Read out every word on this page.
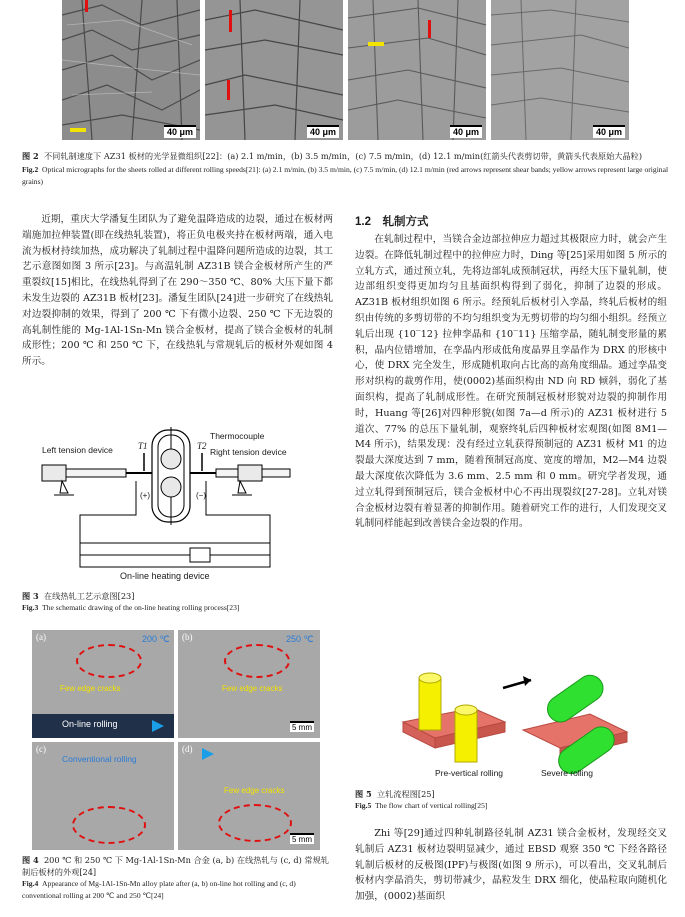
40 μm	40 μm	40 μm
40 μm
图 2 不同轧制速度下 AZ31 板材的光学显微组织[22]：(a) 2.1 m/min，(b) 3.5 m/min，(c) 7.5 m/min，(d) 12.1 m/min(红箭头代表剪切带，黄箭头代表原始大晶粒)
Fig.2 Optical micrographs for the sheets rolled at different rolling speeds[21]: (a) 2.1 m/min, (b) 3.5 m/min, (c) 7.5 m/min, (d) 12.1 m/min (red arrows represent shear bands; yellow arrows represent large original grains)

近期，重庆大学潘复生团队为了避免温降造成的边裂，通过在板材两端施加拉伸装置(即在线热轧装置)，将正负电极夹持在板材两端，通入电流为板材持续加热，成功解决了轧制过程中温降问题所造成的边裂，其工艺示意图如图 3 所示[23]。与高温轧制 AZ31B 镁合金板材所产生的严重裂纹[15]相比，在线热轧得到了在 290～350 ℃、80% 大压下量下都未发生边裂的 AZ31B 板材[23]。潘复生团队[24]进一步研究了在线热轧对边裂抑制的效果，得到了 200 ℃ 下有微小边裂、250 ℃ 下无边裂的高轧制性能的 Mg-1Al-1Sn-Mn 镁合金板材，提高了镁合金板材的轧制成形性；200 ℃ 和 250 ℃ 下，在线热轧与常规轧后的板材外观如图 4 所示。

T1	T2
Thermocouple
Left tension device	Right tension device
(+)	(−)
On-line heating device
图 3 在线热轧工艺示意图[23]
Fig.3 The schematic drawing of the on-line heating rolling process[23]
(a)	200 ℃
Few edge cracks
On-line rolling
(b)	250 ℃
Few edge cracks
5 mm
(c)
Conventional rolling
(d)
Few edge cracks
5 mm
图 4 200 ℃ 和 250 ℃ 下 Mg-1Al-1Sn-Mn 合金 (a, b) 在线热轧与 (c, d) 常规轧制后板材的外观[24]
Fig.4 Appearance of Mg-1Al-1Sn-Mn alloy plate after (a, b) on-line hot rolling and (c, d) conventional rolling at 200 ℃ and 250 ℃[24]
1.2　轧制方式

在轧制过程中，当镁合金边部拉伸应力超过其极限应力时，就会产生边裂。在降低轧制过程中的拉伸应力时，Ding 等[25]采用如图 5 所示的立轧方式，通过预立轧，先将边部轧成预制冠状，再经大压下量轧制，使边部组织变得更加均匀且基面织构得到了弱化，抑制了边裂的形成。AZ31B 板材组织如图 6 所示。经预轧后板材引入孪晶，终轧后板材的组织由传统的多剪切带的不均匀组织变为无剪切带的均匀细小组织。经预立轧后出现 {10‾12} 拉伸孪晶和 {10‾11} 压缩孪晶，随轧制变形量的累积，晶内位错增加，在孪晶内形成低角度晶界且孪晶作为 DRX 的形核中心，使 DRX 完全发生，形成随机取向占比高的高角度细晶。通过孪晶变形对织构的裁剪作用，使(0002)基面织构由 ND 向 RD 倾斜，弱化了基面织构，提高了轧制成形性。在研究预制冠板材形貌对边裂的抑制作用时，Huang 等[26]对四种形貌(如图 7a—d 所示)的 AZ31 板材进行 5 道次、77% 的总压下量轧制，观察终轧后四种板材宏观图(如图 8M1—M4 所示)，结果发现：没有经过立轧获得预制冠的 AZ31 板材 M1 的边裂最大深度达到 7 mm，随着预制冠高度、宽度的增加，M2—M4 边裂最大深度依次降低为 3.6 mm、2.5 mm 和 0 mm。研究学者发现，通过立轧得到预制冠后，镁合金板材中心不再出现裂纹[27-28]。立轧对镁合金板材边裂有着显著的抑制作用。随着研究工作的进行，人们发现交叉轧制同样能起到改善镁合金边裂的作用。

Pre-vertical rolling	Severe rolling
图 5 立轧流程图[25]
Fig.5 The flow chart of vertical rolling[25]

Zhi 等[29]通过四种轧制路径轧制 AZ31 镁合金板材，发现经交叉轧制后 AZ31 板材边裂明显减少，通过 EBSD 观察 350 ℃ 下经各路径轧制后板材的反极图(IPF)与极图(如图 9 所示)，可以看出，交叉轧制后板材内孪晶消失，剪切带减少，晶粒发生 DRX 细化，使晶粒取向随机化加强，(0002)基面织
